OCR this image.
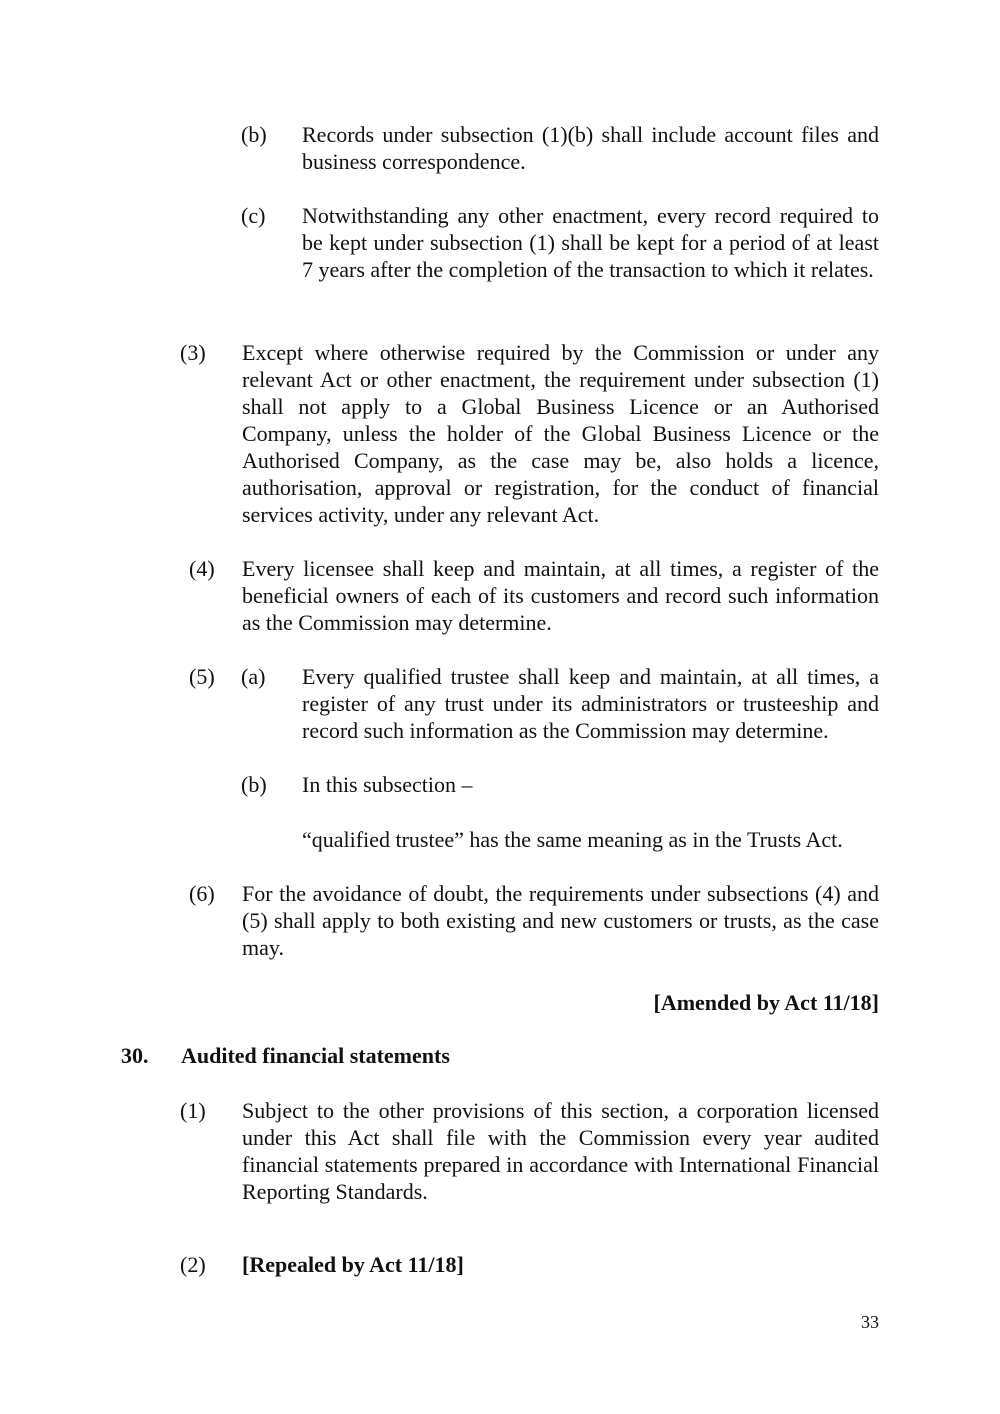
(b) Records under subsection (1)(b) shall include account files and business correspondence.
(c) Notwithstanding any other enactment, every record required to be kept under subsection (1) shall be kept for a period of at least 7 years after the completion of the transaction to which it relates.
(3) Except where otherwise required by the Commission or under any relevant Act or other enactment, the requirement under subsection (1) shall not apply to a Global Business Licence or an Authorised Company, unless the holder of the Global Business Licence or the Authorised Company, as the case may be, also holds a licence, authorisation, approval or registration, for the conduct of financial services activity, under any relevant Act.
(4) Every licensee shall keep and maintain, at all times, a register of the beneficial owners of each of its customers and record such information as the Commission may determine.
(5) (a) Every qualified trustee shall keep and maintain, at all times, a register of any trust under its administrators or trusteeship and record such information as the Commission may determine.
(b) In this subsection –
“qualified trustee” has the same meaning as in the Trusts Act.
(6) For the avoidance of doubt, the requirements under subsections (4) and (5) shall apply to both existing and new customers or trusts, as the case may.
[Amended by Act 11/18]
30. Audited financial statements
(1) Subject to the other provisions of this section, a corporation licensed under this Act shall file with the Commission every year audited financial statements prepared in accordance with International Financial Reporting Standards.
(2) [Repealed by Act 11/18]
33
